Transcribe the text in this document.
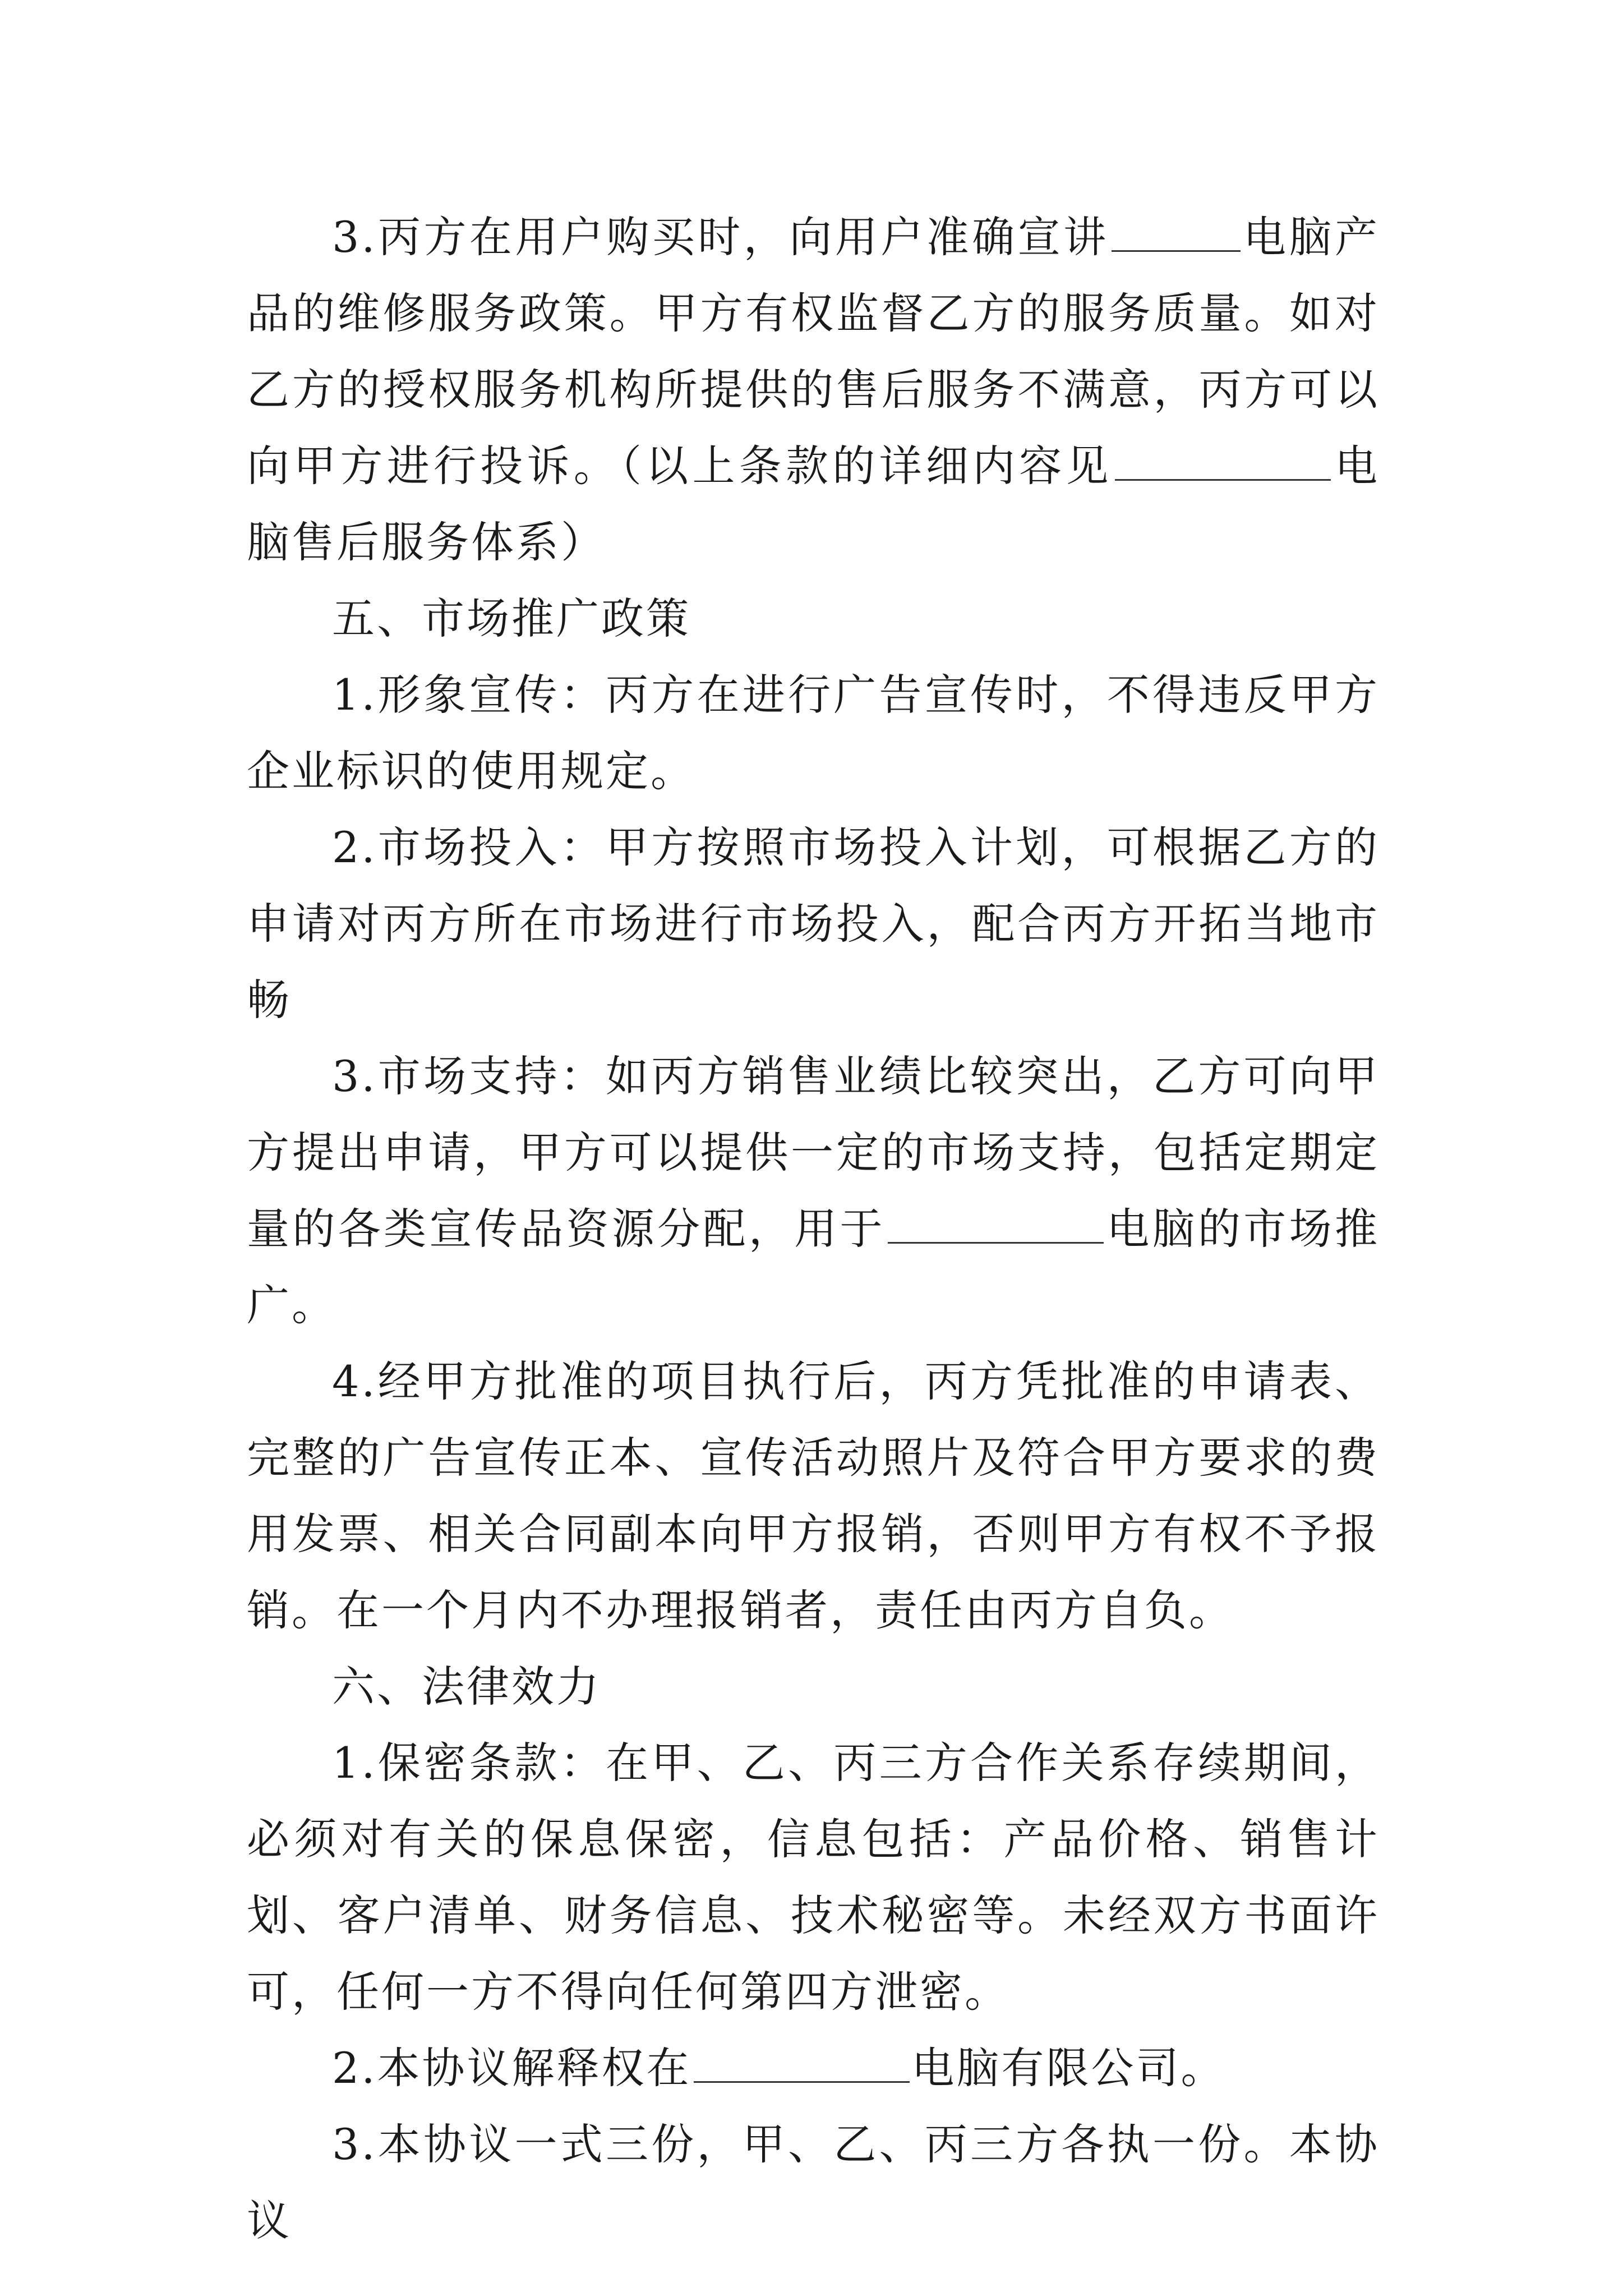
3.丙方在用户购买时，向用户准确宣讲	电脑产品的维修服务政策。甲方有权监督乙方的服务质量。如对乙方的授权服务机构所提供的售后服务不满意，丙方可以向甲方进行投诉。（以上条款的详细内容见	电脑售后服务体系）

五、市场推广政策

1.形象宣传：丙方在进行广告宣传时，不得违反甲方企业标识的使用规定。

2.市场投入：甲方按照市场投入计划，可根据乙方的申请对丙方所在市场进行市场投入，配合丙方开拓当地市畅

3.市场支持：如丙方销售业绩比较突出，乙方可向甲方提出申请，甲方可以提供一定的市场支持，包括定期定量的各类宣传品资源分配，用于	电脑的市场推广。

4.经甲方批准的项目执行后，丙方凭批准的申请表、完整的广告宣传正本、宣传活动照片及符合甲方要求的费用发票、相关合同副本向甲方报销，否则甲方有权不予报销。在一个月内不办理报销者，责任由丙方自负。

六、法律效力

1.保密条款：在甲、乙、丙三方合作关系存续期间，必须对有关的保息保密，信息包括：产品价格、销售计划、客户清单、财务信息、技术秘密等。未经双方书面许可，任何一方不得向任何第四方泄密。

2.本协议解释权在	电脑有限公司。

3.本协议一式三份，甲、乙、丙三方各执一份。本协议
